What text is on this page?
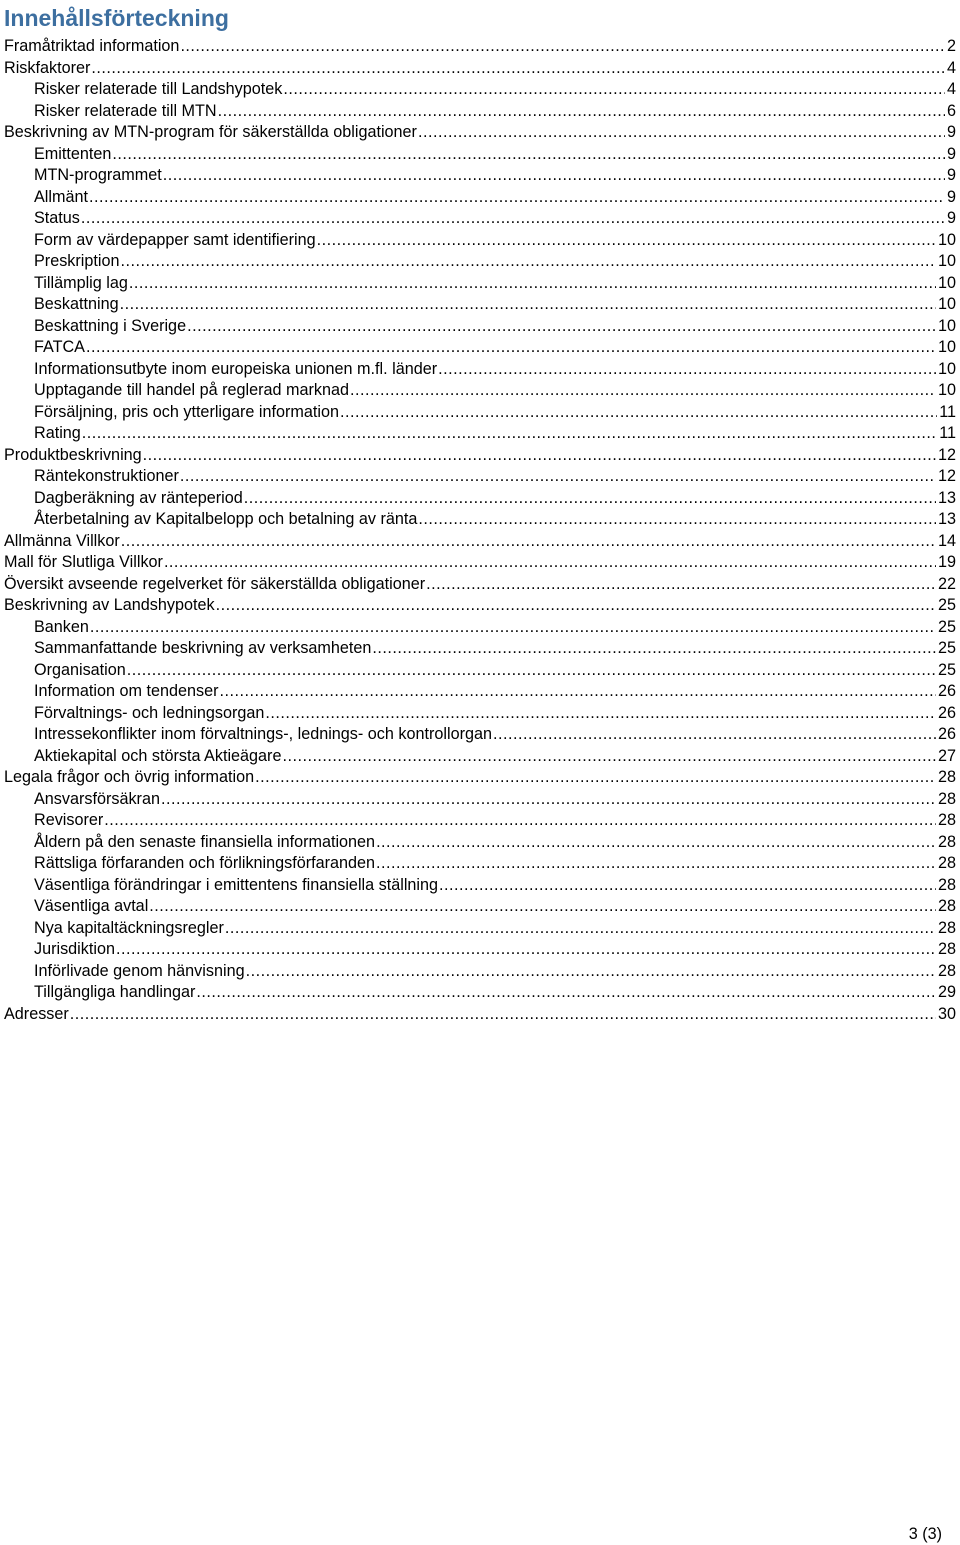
Innehållsförteckning
Framåtriktad information .....	2
Riskfaktorer .....	4
Risker relaterade till Landshypotek .....	4
Risker relaterade till MTN .....	6
Beskrivning av MTN-program för säkerställda obligationer .....	9
Emittenten .....	9
MTN-programmet .....	9
Allmänt .....	9
Status .....	9
Form av värdepapper samt identifiering .....	10
Preskription .....	10
Tillämplig lag .....	10
Beskattning .....	10
Beskattning i Sverige .....	10
FATCA .....	10
Informationsutbyte inom europeiska unionen m.fl. länder .....	10
Upptagande till handel på reglerad marknad .....	10
Försäljning, pris och ytterligare information .....	11
Rating .....	11
Produktbeskrivning .....	12
Räntekonstruktioner .....	12
Dagberäkning av ränteperiod .....	13
Återbetalning av Kapitalbelopp och betalning av ränta .....	13
Allmänna Villkor .....	14
Mall för Slutliga Villkor .....	19
Översikt avseende regelverket för säkerställda obligationer .....	22
Beskrivning av Landshypotek .....	25
Banken .....	25
Sammanfattande beskrivning av verksamheten .....	25
Organisation .....	25
Information om tendenser .....	26
Förvaltnings- och ledningsorgan .....	26
Intressekonflikter inom förvaltnings-, lednings- och kontrollorgan .....	26
Aktiekapital och största Aktieägare .....	27
Legala frågor och övrig information .....	28
Ansvarsförsäkran .....	28
Revisorer .....	28
Åldern på den senaste finansiella informationen .....	28
Rättsliga förfaranden och förlikningsförfaranden .....	28
Väsentliga förändringar i emittentens finansiella ställning .....	28
Väsentliga avtal .....	28
Nya kapitaltäckningsregler .....	28
Jurisdiktion .....	28
Införlivade genom hänvisning .....	28
Tillgängliga handlingar .....	29
Adresser .....	30
3 (3)
